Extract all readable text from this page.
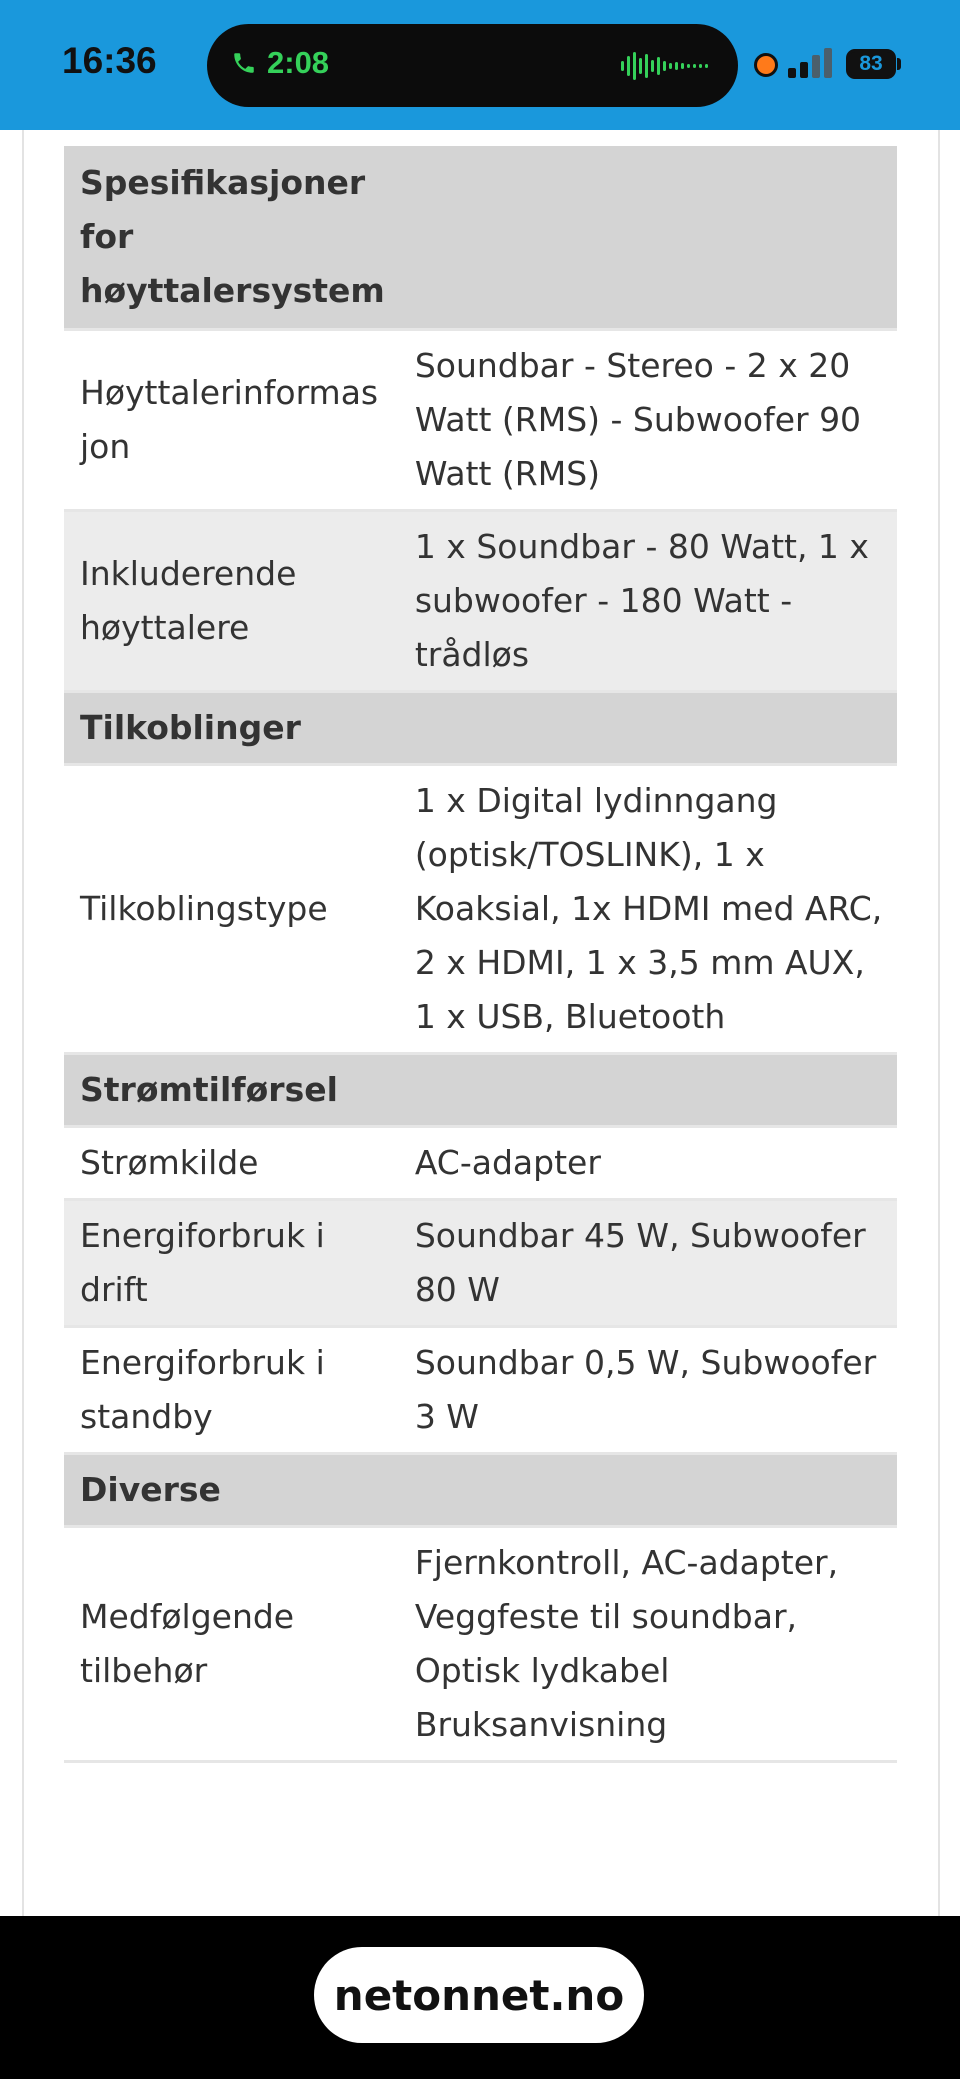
16:36	2:08	83
Spesifikasjoner for høyttalersystem	
Høyttalerinformasjon	Soundbar - Stereo - 2 x 20 Watt (RMS) - Subwoofer 90 Watt (RMS)
Inkluderende høyttalere	1 x Soundbar - 80 Watt, 1 x subwoofer - 180 Watt - trådløs
Tilkoblinger	
Tilkoblingstype	1 x Digital lydinngang (optisk/TOSLINK), 1 x Koaksial, 1x HDMI med ARC, 2 x HDMI, 1 x 3,5 mm AUX, 1 x USB, Bluetooth
Strømtilførsel	
Strømkilde	AC-adapter
Energiforbruk i drift	Soundbar 45 W, Subwoofer 80 W
Energiforbruk i standby	Soundbar 0,5 W, Subwoofer 3 W
Diverse	
Medfølgende tilbehør	Fjernkontroll, AC-adapter, Veggfeste til soundbar, Optisk lydkabel Bruksanvisning
netonnet.no
